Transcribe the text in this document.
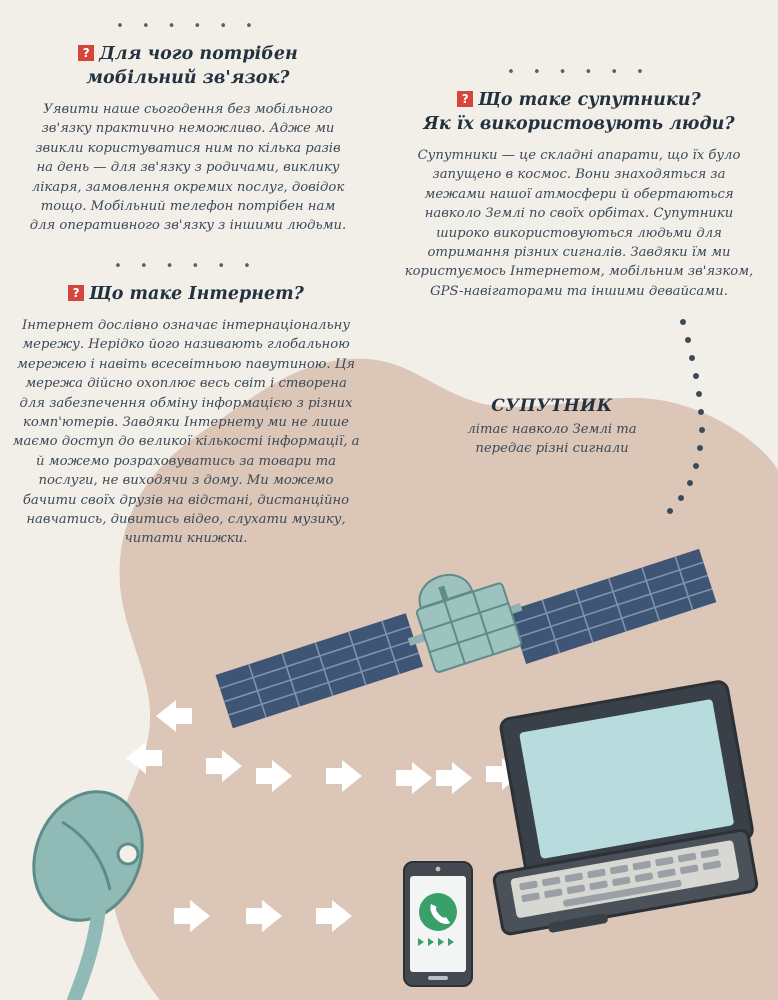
• • • • • •
? Для чого потрібен
мобільний зв'язок?

Уявити наше сьогодення без мобільного зв'язку практично неможливо. Адже ми звикли користуватися ним по кілька разів на день — для зв'язку з родичами, виклику лікаря, замовлення окремих послуг, довідок тощо. Мобільний телефон потрібен нам для оперативного зв'язку з іншими людьми.

• • • • • •
? Що таке супутники?
Як їх використовують люди?

Супутники — це складні апарати, що їх було запущено в космос. Вони знаходяться за межами нашої атмосфери й обертаються навколо Землі по своїх орбітах. Супутники широко використовуються людьми для отримання різних сигналів. Завдяки їм ми користуємось Інтернетом, мобільним зв'язком, GPS-навігаторами та іншими девайсами.

• • • • • •
? Що таке Інтернет?

Інтернет дослівно означає інтернаціональну мережу. Нерідко його називають глобальною мережею і навіть всесвітньою павутиною. Ця мережа дійсно охоплює весь світ і створена для забезпечення обміну інформацією з різних комп'ютерів. Завдяки Інтернету ми не лише маємо доступ до великої кількості інформації, а й можемо розраховуватись за товари та послуги, не виходячи з дому. Ми можемо бачити своїх друзів на відстані, дистанційно навчатись, дивитись відео, слухати музику, читати книжки.

СУПУТНИК
літає навколо Землі та передає різні сигнали
